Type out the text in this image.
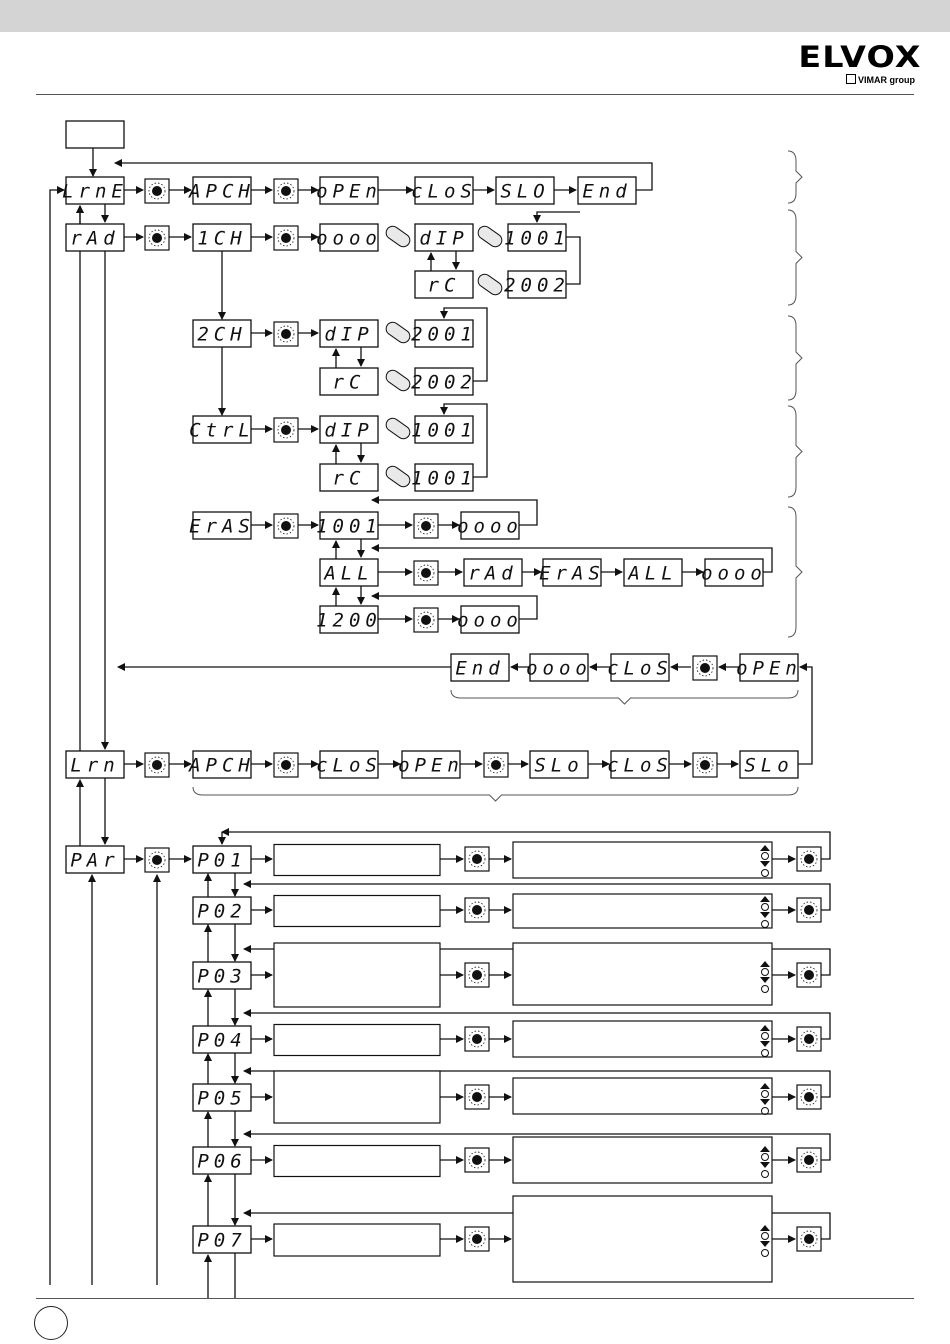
ELVOX
VIMAR group
LrnE	APCH	oPEn cLoS SLO End
rAd	1CH	oooo dIP 1001
rC 2002
2CH	dIP 2001
rC 2002
CtrL	dIP 1001
rC 1001
ErAS	1001	oooo
ALL	rAd ErAS ALL oooo
1200	oooo
End oooo cLoS	oPEn
Lrn	APCH	cLoS oPEn	SLo cLoS	SLo
PAr	P01
P02
P03
P04
P05
P06
P07
